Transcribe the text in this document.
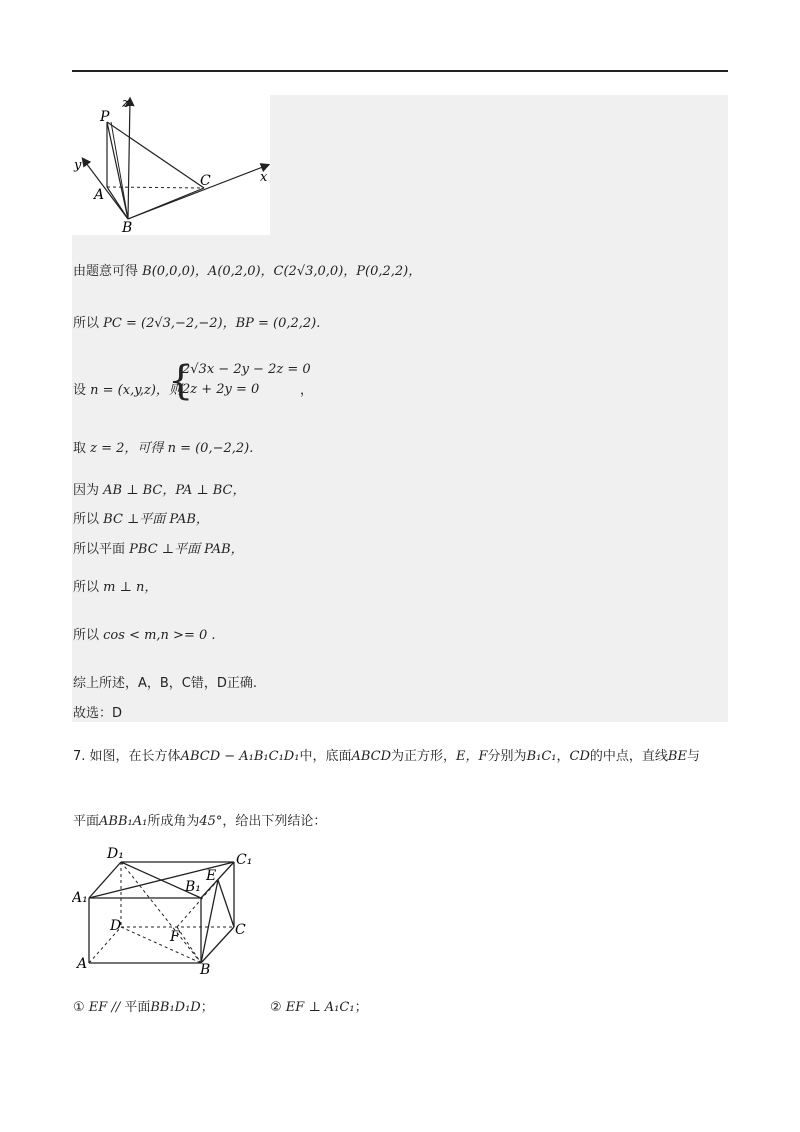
P
z
y
A
C	x
B
由题意可得 B(0,0,0)，A(0,2,0)，C(2√3,0,0)，P(0,2,2)，
所以 PC = (2√3,−2,−2)，BP = (0,2,2).
设 n = (x,y,z)，则
{
2√3x − 2y − 2z = 0
2z + 2y = 0	，
取 z = 2，可得 n = (0,−2,2).
因为 AB ⊥ BC，PA ⊥ BC，
所以 BC ⊥平面 PAB，
所以平面 PBC ⊥平面 PAB，
所以 m ⊥ n，
所以 cos < m,n >= 0 .
综上所述，A，B，C错，D正确.
故选：D
7. 如图，在长方体ABCD − A₁B₁C₁D₁中，底面ABCD为正方形，E，F分别为B₁C₁，CD的中点，直线BE与
平面ABB₁A₁所成角为45°，给出下列结论：
D₁	C₁
A₁
B₁
E
D
F	C
A	B
① EF // 平面BB₁D₁D；	② EF ⊥ A₁C₁；
